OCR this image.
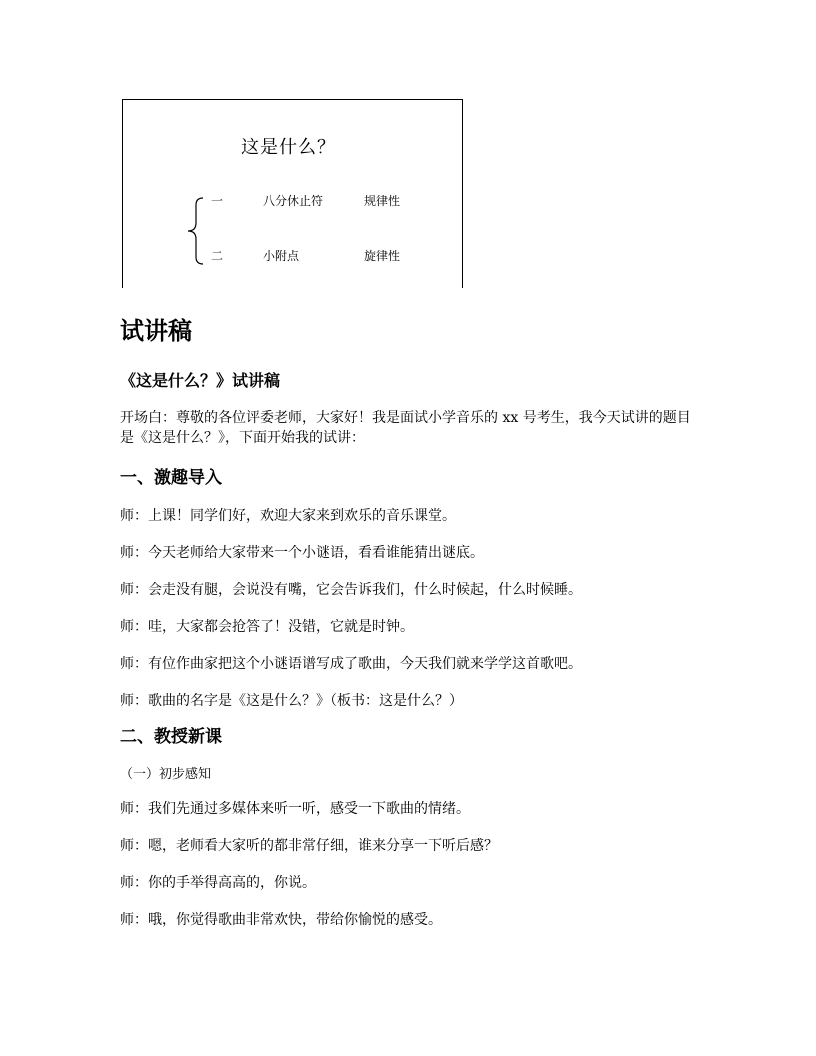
这是什么？
一	八分休止符	规律性
二	小附点	旋律性
试讲稿
《这是什么？》试讲稿

开场白：尊敬的各位评委老师，大家好！我是面试小学音乐的 xx 号考生，我今天试讲的题目是《这是什么？》，下面开始我的试讲：

一、激趣导入

师：上课！同学们好，欢迎大家来到欢乐的音乐课堂。

师：今天老师给大家带来一个小谜语，看看谁能猜出谜底。

师：会走没有腿，会说没有嘴，它会告诉我们，什么时候起，什么时候睡。

师：哇，大家都会抢答了！没错，它就是时钟。

师：有位作曲家把这个小谜语谱写成了歌曲，今天我们就来学学这首歌吧。

师：歌曲的名字是《这是什么？》（板书：这是什么？）

二、教授新课

（一）初步感知

师：我们先通过多媒体来听一听，感受一下歌曲的情绪。

师：嗯，老师看大家听的都非常仔细，谁来分享一下听后感？

师：你的手举得高高的，你说。

师：哦，你觉得歌曲非常欢快，带给你愉悦的感受。
